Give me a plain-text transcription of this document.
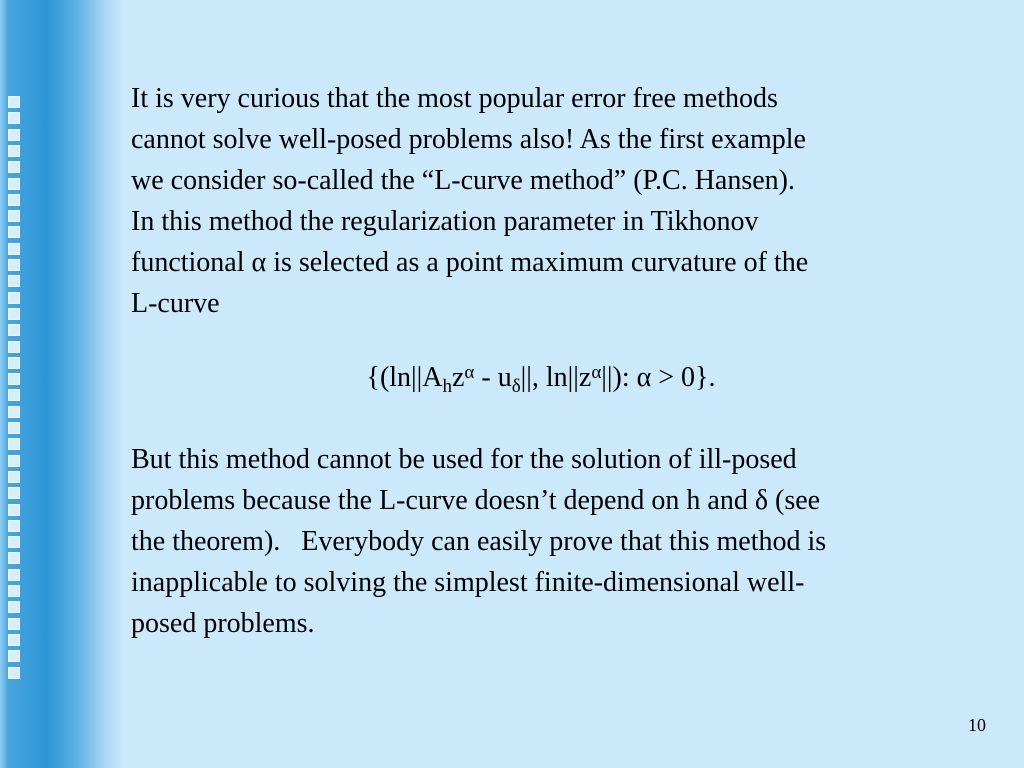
It is very curious that the most popular error free methods
cannot solve well-posed problems also! As the first example
we consider so-called the “L-curve method” (P.C. Hansen).
In this method the regularization parameter in Tikhonov
functional α is selected as a point maximum curvature of the
L-curve

{($\ln||A_hz^\alpha - u_\delta||$, $\ln||z^\alpha||$): α > 0}.

But this method cannot be used for the solution of ill-posed
problems because the L-curve doesn’t depend on h and δ (see
the theorem).   Everybody can easily prove that this method is
inapplicable to solving the simplest finite-dimensional well-
posed problems.

10
